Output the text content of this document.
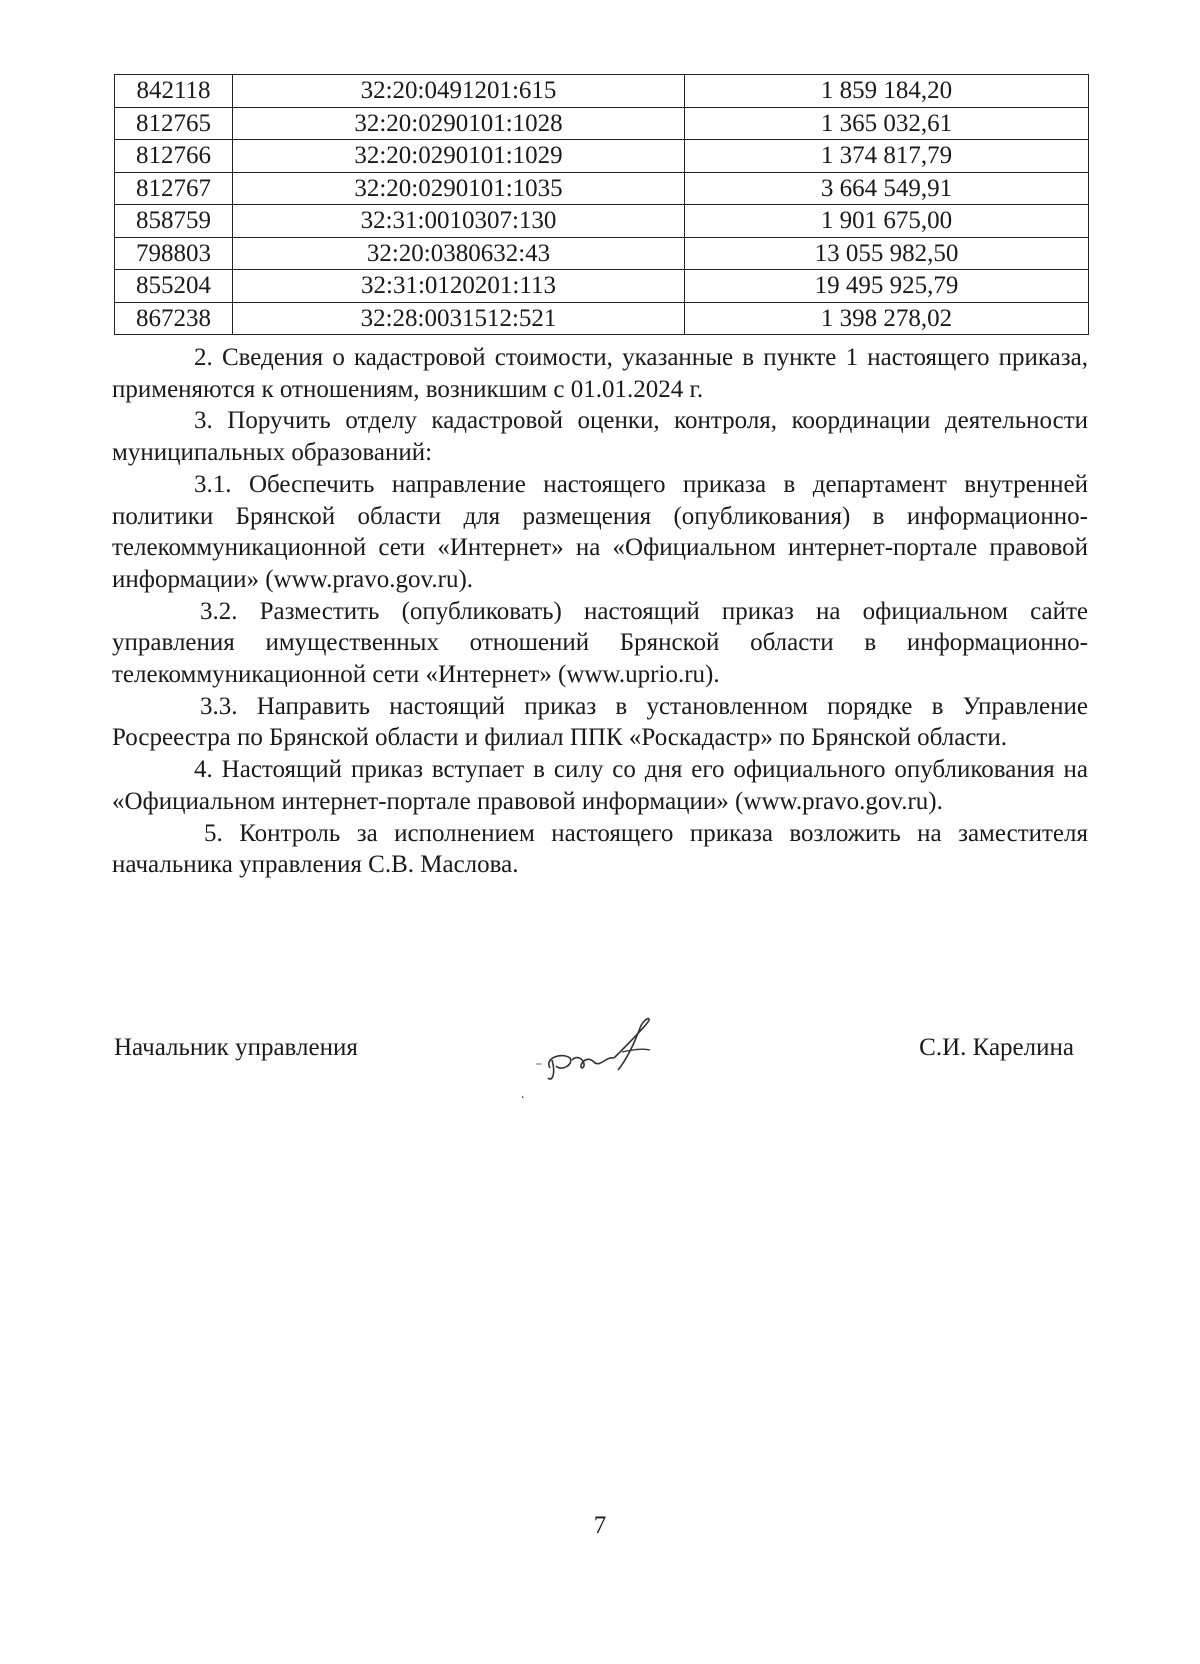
842118	32:20:0491201:615	1 859 184,20
812765	32:20:0290101:1028	1 365 032,61
812766	32:20:0290101:1029	1 374 817,79
812767	32:20:0290101:1035	3 664 549,91
858759	32:31:0010307:130	1 901 675,00
798803	32:20:0380632:43	13 055 982,50
855204	32:31:0120201:113	19 495 925,79
867238	32:28:0031512:521	1 398 278,02

2. Сведения о кадастровой стоимости, указанные в пункте 1 настоящего приказа, применяются к отношениям, возникшим с 01.01.2024 г.

3. Поручить отделу кадастровой оценки, контроля, координации деятельности муниципальных образований:

3.1. Обеспечить направление настоящего приказа в департамент внутренней политики Брянской области для размещения (опубликования) в информационно-телекоммуникационной сети «Интернет» на «Официальном интернет-портале правовой информации» (www.pravo.gov.ru).

3.2. Разместить (опубликовать) настоящий приказ на официальном сайте управления имущественных отношений Брянской области в информационно-телекоммуникационной сети «Интернет» (www.uprio.ru).

3.3. Направить настоящий приказ в установленном порядке в Управление Росреестра по Брянской области и филиал ППК «Роскадастр» по Брянской области.

4. Настоящий приказ вступает в силу со дня его официального опубликования на «Официальном интернет-портале правовой информации» (www.pravo.gov.ru).

5. Контроль за исполнением настоящего приказа возложить на заместителя начальника управления С.В. Маслова.

Начальник управления	С.И. Карелина
7
